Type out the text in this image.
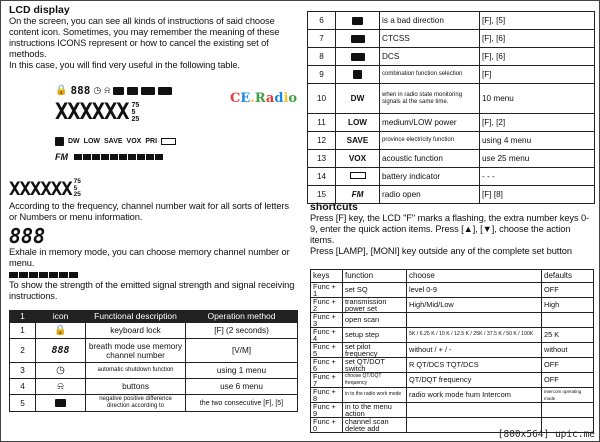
LCD display
On the screen, you can see all kinds of instructions of said choose content icon. Sometimes, you may remember the meaning of these instructions ICONS represent or how to cancel the existing set of methods.
In this case, you will find very useful in the following table.
🔒 888 ◷ ⍾
XXXXXX 75
5
25
DW LOW SAVE VOX PRI
FM
CE.Radio
XXXXXX 75
5
25
According to the frequency, channel number wait for all sorts of letters or Numbers or menu information.
888
Exhale in memory mode, you can choose memory channel number or menu.
To show the strength of the emitted signal strength and signal receiving instructions.
1	icon	Functional description	Operation method
1	🔒	keyboard lock	[F] (2 seconds)
2	888	breath mode use memory channel number	[V/M]
3	◷	automatic shutdown function	using 1 menu
4	⍾	buttons	use 6 menu
5		negative positive difference direction according to	the two consecutive [F], [5]
6		is a bad direction	[F], [5]
7		CTCSS	[F], [6]
8		DCS	[F], [6]
9		combination function selection	[F]
10	DW	when in radio state monitoring signals at the same time.	10 menu
11	LOW	medium/LOW power	[F], [2]
12	SAVE	province electricity function	using 4 menu
13	VOX	acoustic function	use 25 menu
14		battery indicator	- - -
15	FM	radio open	[F] [8]
shortcuts
Press [F] key, the LCD "F" marks a flashing, the extra number keys 0-9, enter the quick action items. Press [▲], [▼], choose the action items.
Press [LAMP], [MONI] key outside any of the complete set button
keys	function	choose	defaults
Func + 1	set SQ	level 0-9	OFF
Func + 2	transmission power set	High/Mid/Low	High
Func + 3	open scan		
Func + 4	setup step	5K / 6.25 K / 10 K / 12.5 K / 25K / 37.5 K / 50 K / 100K	25 K
Func + 5	set pilot frequency	without / + / -	without
Func + 6	set QT/DOT switch	R QT/DCS TQT/DCS	OFF
Func + 7	choose QT/DQT frequency	QT/DQT frequency	OFF
Func + 8	in to the radio work mode	radio work mode hum Intercom	intercom operating mode
Func + 9	in to the menu action		
Func + 0	channel scan delete add		
[800x564] upic.me
